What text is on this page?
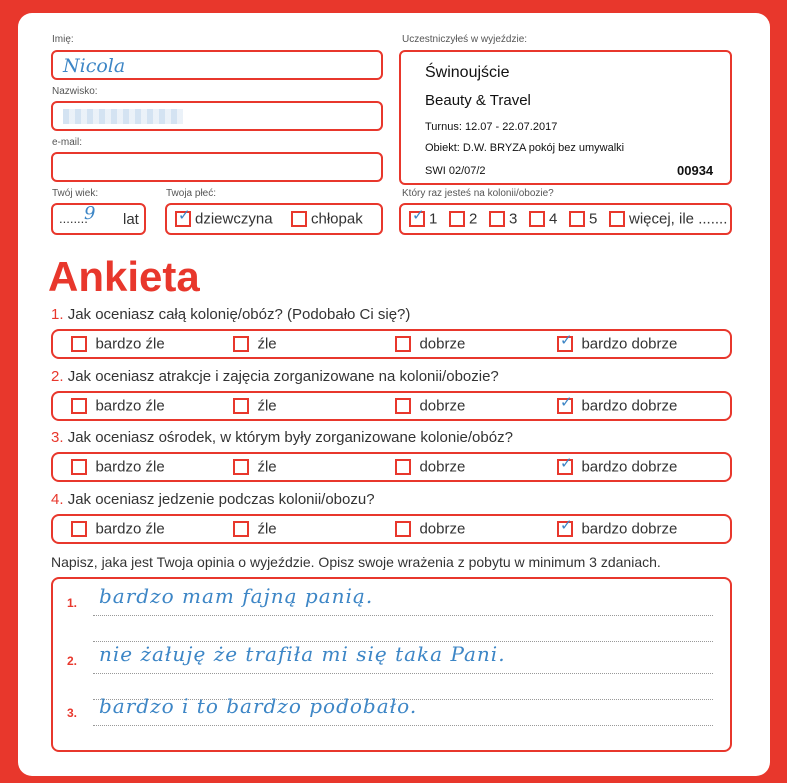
Imię:
Nicola
Nazwisko:
e-mail:
Twój wiek:
........
9 lat
Twoja płeć:
✓ dziewczyna	chłopak
Uczestniczyłeś w wyjeździe:
Świnoujście
Beauty & Travel
Turnus: 12.07 - 22.07.2017
Obiekt: D.W. BRYZA pokój bez umywalki
SWI 02/07/2	00934
Który raz jesteś na kolonii/obozie?
✓ 1	2	3	4	5	więcej, ile .......
Ankieta
1. Jak oceniasz całą kolonię/obóz? (Podobało Ci się?)
bardzo źle	źle	dobrze	✓ bardzo dobrze
2. Jak oceniasz atrakcje i zajęcia zorganizowane na kolonii/obozie?
bardzo źle	źle	dobrze	✓ bardzo dobrze
3. Jak oceniasz ośrodek, w którym były zorganizowane kolonie/obóz?
bardzo źle	źle	dobrze	✓ bardzo dobrze
4. Jak oceniasz jedzenie podczas kolonii/obozu?
bardzo źle	źle	dobrze	✓ bardzo dobrze
Napisz, jaka jest Twoja opinia o wyjeździe. Opisz swoje wrażenia z pobytu w minimum 3 zdaniach.
1. bardzo mam fajną panią.
2. nie żałuję że trafiła mi się taka Pani.
3. bardzo i to bardzo podobało.
